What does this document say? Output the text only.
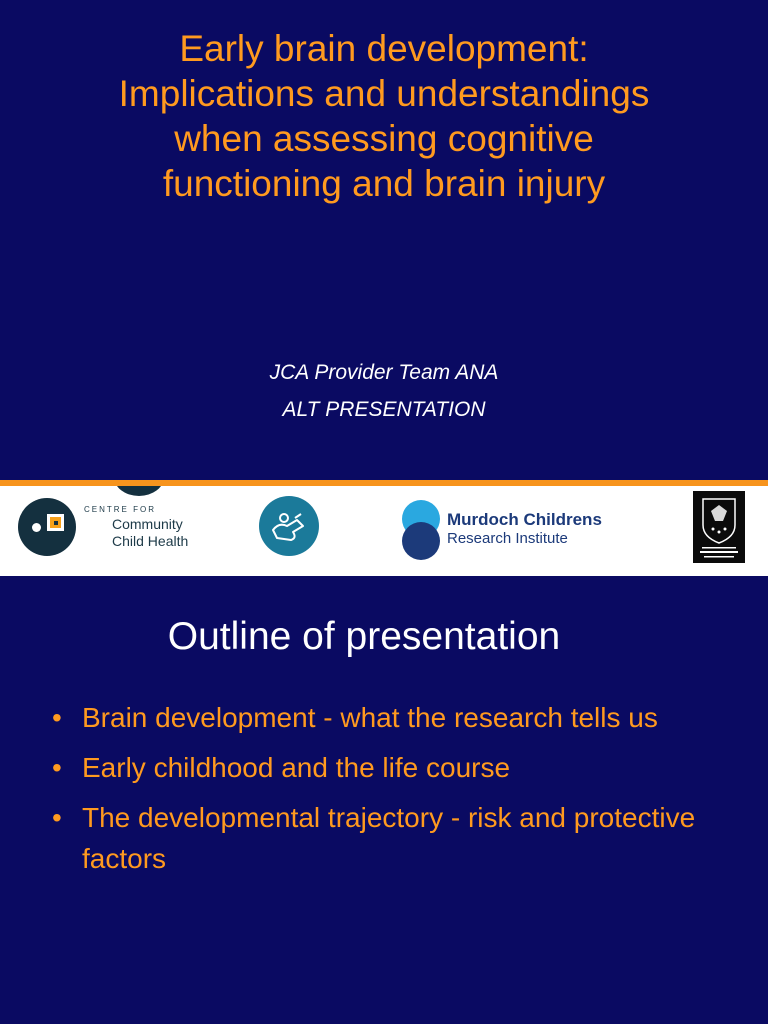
Early brain development:
Implications and understandings
when assessing cognitive
functioning and brain injury
JCA Provider Team ANA
ALT PRESENTATION
CENTRE FOR
Community
Child Health
Murdoch Childrens
Research Institute
Outline of presentation
• Brain development - what the research tells us
• Early childhood and the life course
• The developmental trajectory - risk and protective factors
